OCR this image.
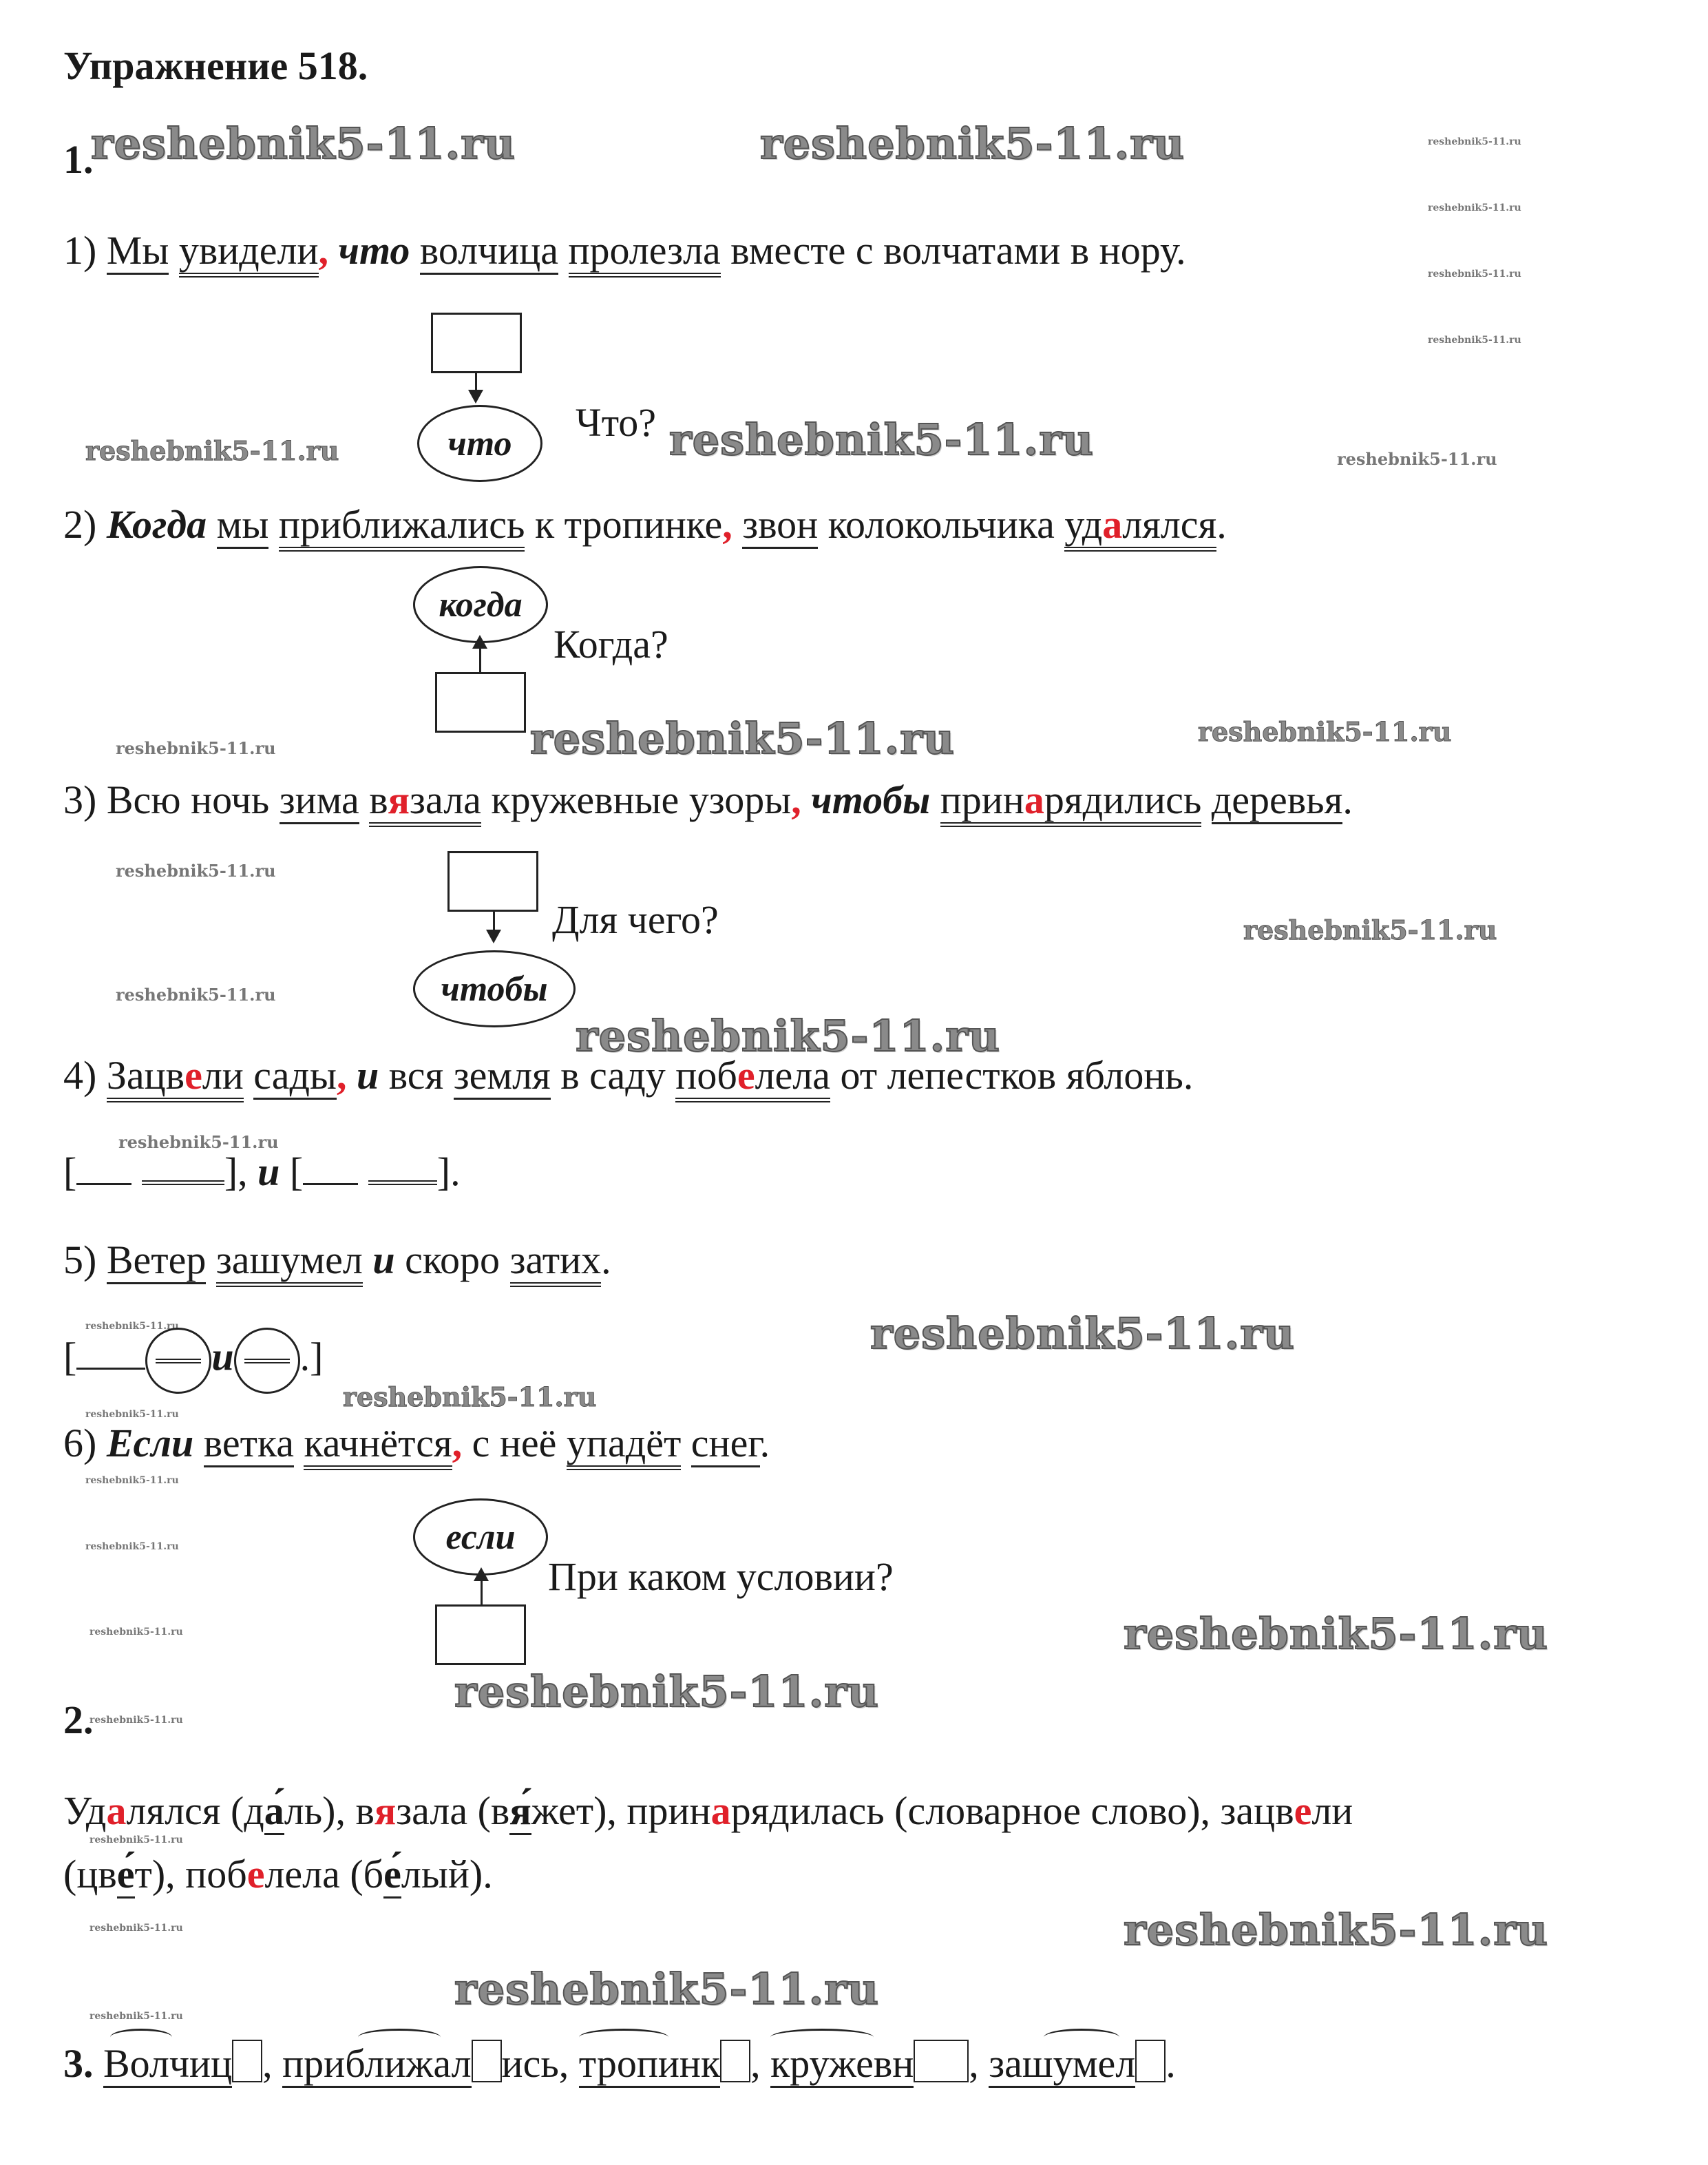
Упражнение 518.
1.
reshebnik5-11.ru	reshebnik5-11.ru
reshebnik5-11.ru
reshebnik5-11.ru
reshebnik5-11.ru
reshebnik5-11.ru
reshebnik5-11.ru
reshebnik5-11.ru
reshebnik5-11.ru
reshebnik5-11.ru
reshebnik5-11.ru
reshebnik5-11.ru
reshebnik5-11.ru
reshebnik5-11.ru
reshebnik5-11.ru
reshebnik5-11.ru
reshebnik5-11.ru
reshebnik5-11.ru
reshebnik5-11.ru
reshebnik5-11.ru
reshebnik5-11.ru
reshebnik5-11.ru
reshebnik5-11.ru
reshebnik5-11.ru
reshebnik5-11.ru
reshebnik5-11.ru
reshebnik5-11.ru
reshebnik5-11.ru
reshebnik5-11.ru
reshebnik5-11.ru
reshebnik5-11.ru
reshebnik5-11.ru
1) Мы увидели, что волчица пролезла вместе с волчатами в нору.
что	Что?
2) Когда мы приближались к тропинке, звон колокольчика удалялся.
когда
Когда?
3) Всю ночь зима вязала кружевные узоры, чтобы принарядились деревья.
чтобы
Для чего?
4) Зацвели сады, и вся земля в саду побелела от лепестков яблонь.
[	], и [	].
5) Ветер зашумел и скоро затих.
[	и .]
6) Если ветка качнётся, с неё упадёт снег.
если
При каком условии?
2.
Удалялся (да́ль), вязала (вя́жет), принарядилась (словарное слово), зацвели
(цве́т), побелела (бе́лый).
3. Волчиц , приближал ись, тропинк , кружевн , зашумел .
